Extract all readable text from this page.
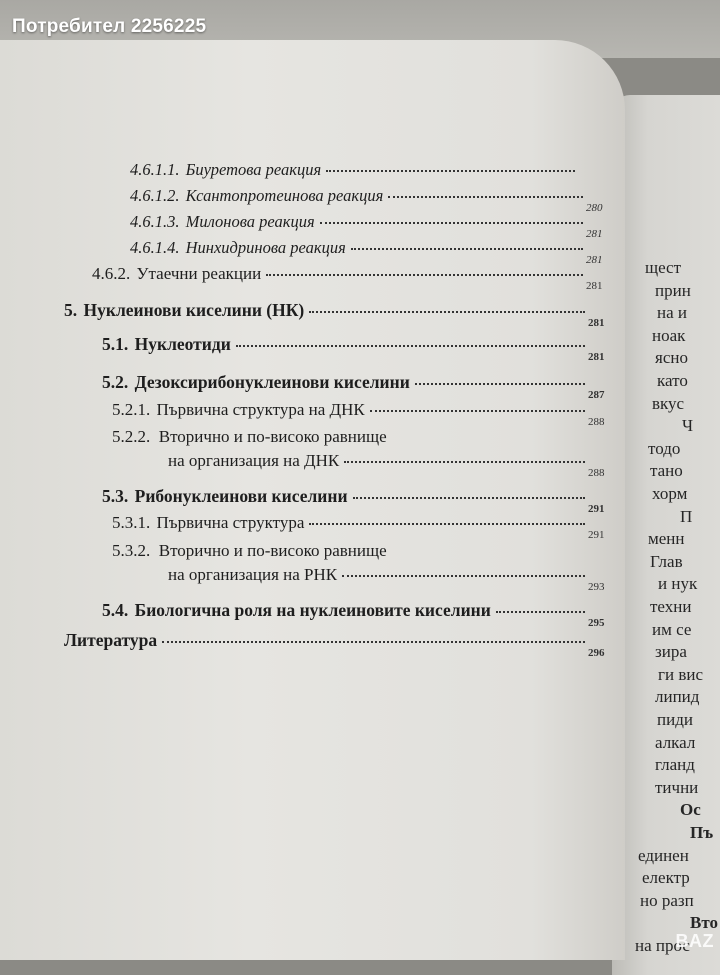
4.6.1.1.
Биуретова реакция
4.6.1.2.
Ксантопротеинова реакция
280
4.6.1.3.
Милонова реакция
281
4.6.1.4.
Нинхидринова реакция
281
4.6.2.
Утаечни реакции
281
5.
Нуклеинови киселини (НК)
281
5.1.
Нуклеотиди
281
5.2.
Дезоксирибонуклеинови киселини
287
5.2.1.
Първична структура на ДНК
288
5.2.2. Вторично и по-високо равнище
на организация на ДНК
288
5.3.
Рибонуклеинови киселини
291
5.3.1.
Първична структура
291
5.3.2. Вторично и по-високо равнище
на организация на РНК
293
5.4.
Биологична роля на нуклеиновите киселини
295
Литература
296
щест
прин
на и
ноак
ясно
като
вкус
Ч
тодо
тано
хорм
П
менн
Глав
и нук
техни
им се
зира
ги вис
липид
пиди
алкал
гланд
тични
Ос
Пъ
единен
електр
но разп
Вто
на прос
Потребител 2256225
BAZ
